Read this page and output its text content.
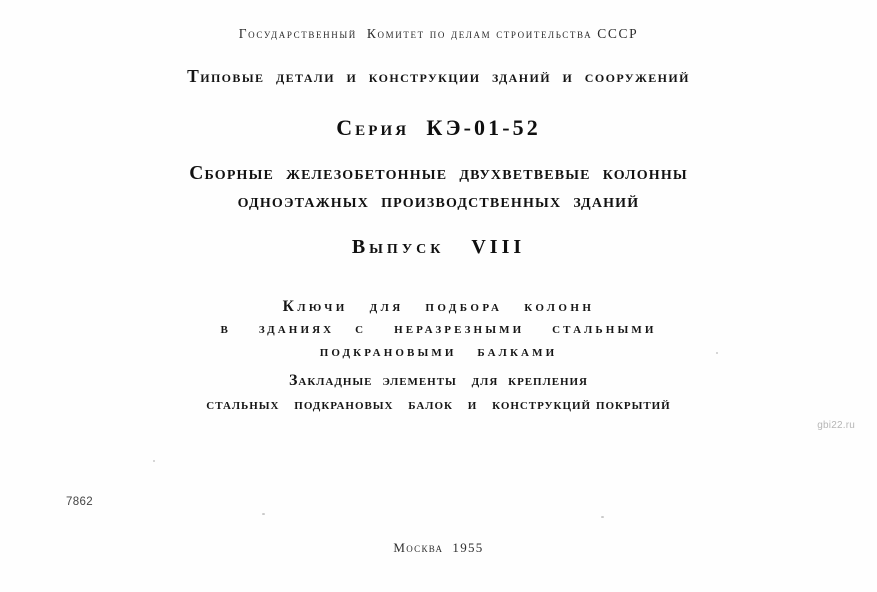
Государственный  Комитет по делам строительства СССР
Типовые  детали  и  конструкции  зданий  и  сооружений
Серия  КЭ-01-52
Сборные  железобетонные  двухветвевые  колонны
одноэтажных  производственных  зданий
Выпуск   VIII
Ключи   для   подбора   колонн
в    зданиях   с    неразрезными    стальными
подкрановыми   балками
Закладные  элементы   для  крепления
стальных   подкрановых   балок   и   конструкций покрытий
gbi22.ru
7862
Москва  1955
